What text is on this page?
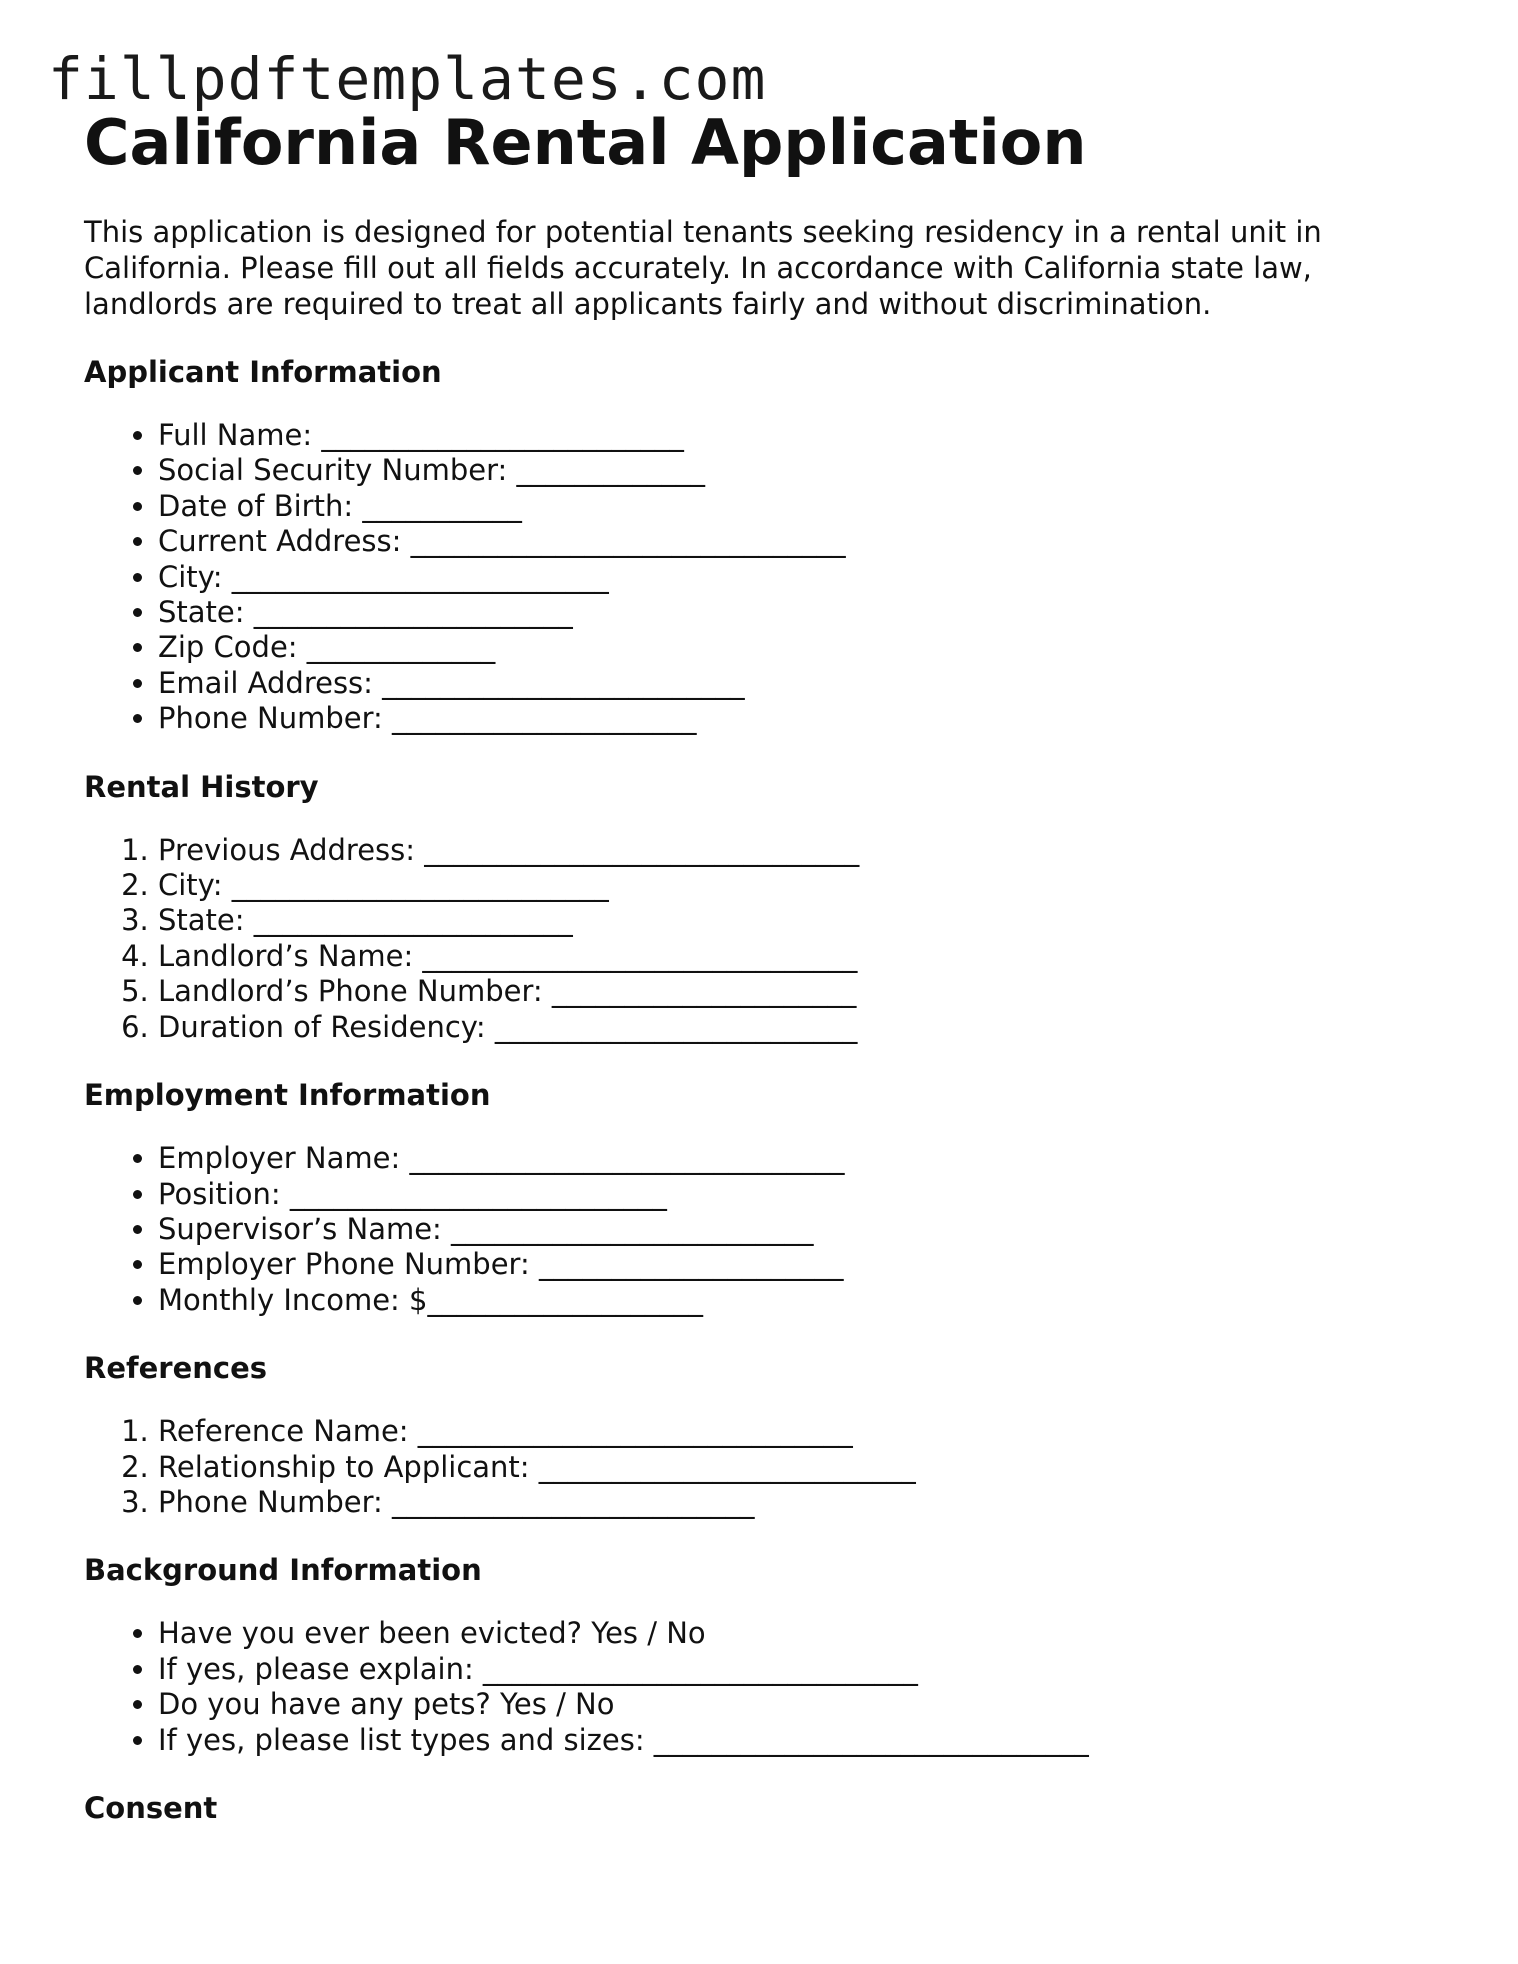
fillpdftemplates.com
California Rental Application

This application is designed for potential tenants seeking residency in a rental unit in California. Please fill out all fields accurately. In accordance with California state law, landlords are required to treat all applicants fairly and without discrimination.

Applicant Information
• Full Name: _________________________
• Social Security Number: _____________
• Date of Birth: ___________
• Current Address: ______________________________
• City: __________________________
• State: ______________________
• Zip Code: _____________
• Email Address: _________________________
• Phone Number: _____________________
Rental History
1. Previous Address: ______________________________
2. City: __________________________
3. State: ______________________
4. Landlord’s Name: ______________________________
5. Landlord’s Phone Number: _____________________
6. Duration of Residency: _________________________
Employment Information
• Employer Name: ______________________________
• Position: __________________________
• Supervisor’s Name: _________________________
• Employer Phone Number: _____________________
• Monthly Income: $___________________
References
1. Reference Name: ______________________________
2. Relationship to Applicant: __________________________
3. Phone Number: _________________________
Background Information
• Have you ever been evicted? Yes / No
• If yes, please explain: ______________________________
• Do you have any pets? Yes / No
• If yes, please list types and sizes: ______________________________
Consent
